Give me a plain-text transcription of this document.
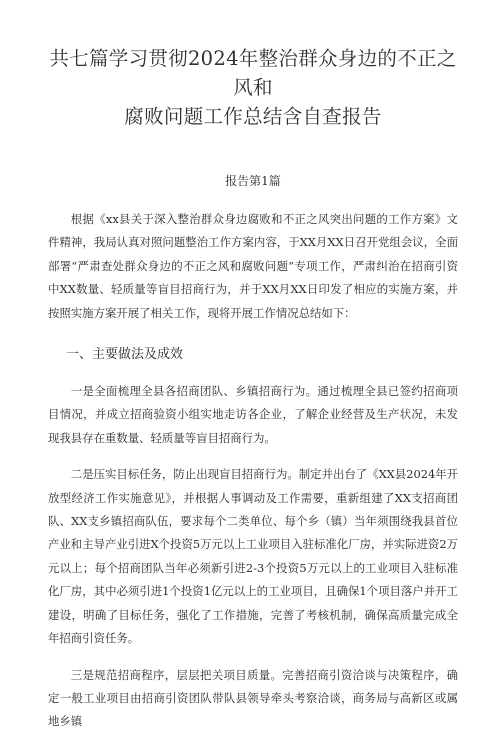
共七篇学习贯彻2024年整治群众身边的不正之风和
腐败问题工作总结含自查报告
报告第1篇

根据《xx县关于深入整治群众身边腐败和不正之风突出问题的工作方案》文件精神，我局认真对照问题整治工作方案内容，于XX月XX日召开党组会议，全面部署“严肃查处群众身边的不正之风和腐败问题”专项工作，严肃纠治在招商引资中XX数量、轻质量等盲目招商行为，并于XX月XX日印发了相应的实施方案，并按照实施方案开展了相关工作，现将开展工作情况总结如下：

一、主要做法及成效

一是全面梳理全县各招商团队、乡镇招商行为。通过梳理全县已签约招商项目情况，并成立招商验资小组实地走访各企业，了解企业经营及生产状况，未发现我县存在重数量、轻质量等盲目招商行为。

二是压实目标任务，防止出现盲目招商行为。制定并出台了《XX县2024年开放型经济工作实施意见》，并根据人事调动及工作需要，重新组建了XX支招商团队、XX支乡镇招商队伍，要求每个二类单位、每个乡（镇）当年须围绕我县首位产业和主导产业引进X个投资5万元以上工业项目入驻标准化厂房，并实际进资2万元以上；每个招商团队当年必须新引进2-3个投资5万元以上的工业项目入驻标准化厂房，其中必须引进1个投资1亿元以上的工业项目，且确保1个项目落户并开工建设，明确了目标任务，强化了工作措施，完善了考核机制，确保高质量完成全年招商引资任务。

三是规范招商程序，层层把关项目质量。完善招商引资洽谈与决策程序，确定一般工业项目由招商引资团队带队县领导牵头考察洽谈，商务局与高新区或属地乡镇
